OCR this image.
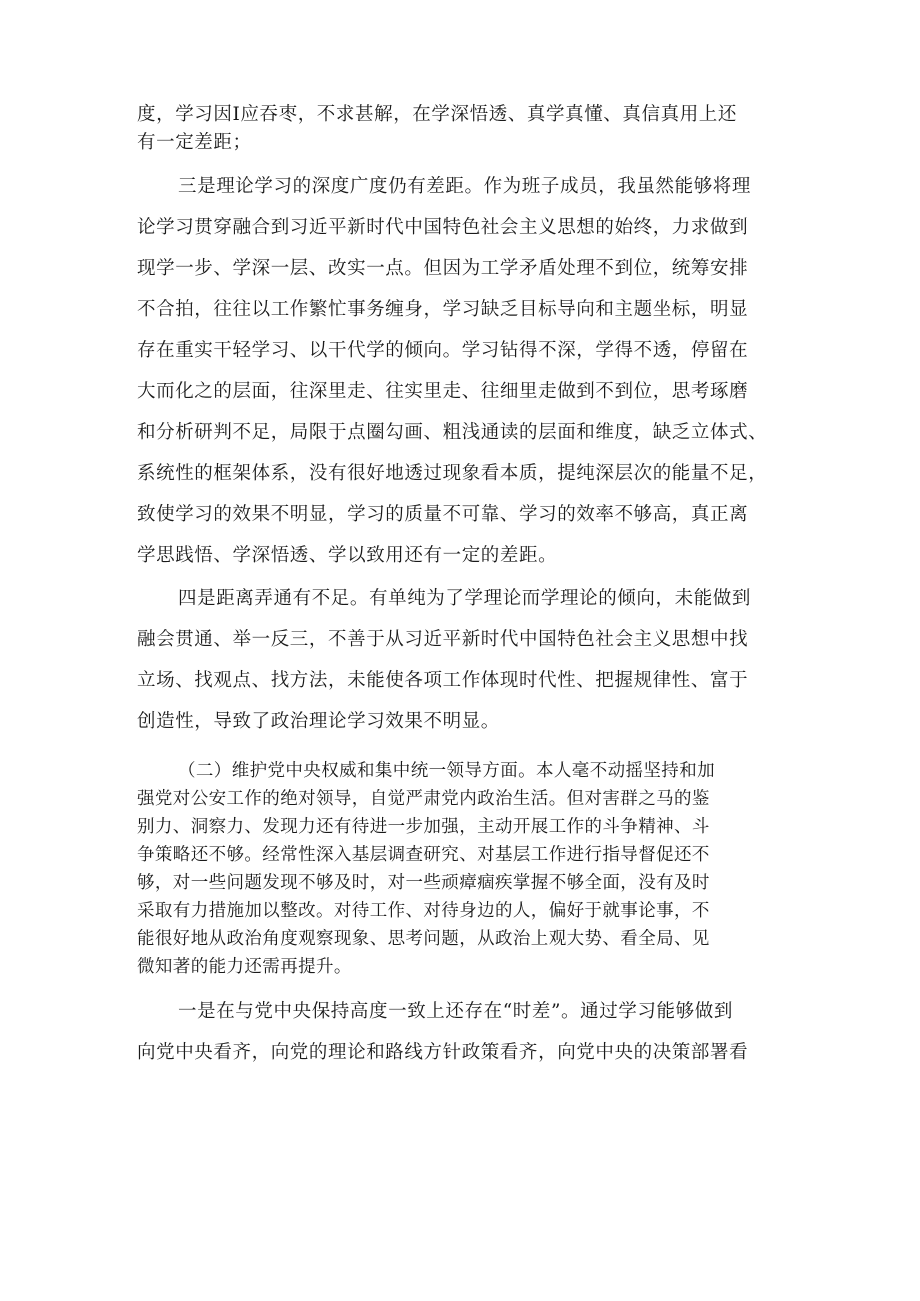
度，学习因I应吞枣，不求甚解，在学深悟透、真学真懂、真信真用上还
有一定差距；
三是理论学习的深度广度仍有差距。作为班子成员，我虽然能够将理
论学习贯穿融合到习近平新时代中国特色社会主义思想的始终，力求做到
现学一步、学深一层、改实一点。但因为工学矛盾处理不到位，统筹安排
不合拍，往往以工作繁忙事务缠身，学习缺乏目标导向和主题坐标，明显
存在重实干轻学习、以干代学的倾向。学习钻得不深，学得不透，停留在
大而化之的层面，往深里走、往实里走、往细里走做到不到位，思考琢磨
和分析研判不足，局限于点圈勾画、粗浅通读的层面和维度，缺乏立体式、
系统性的框架体系，没有很好地透过现象看本质，提纯深层次的能量不足，
致使学习的效果不明显，学习的质量不可靠、学习的效率不够高，真正离
学思践悟、学深悟透、学以致用还有一定的差距。
四是距离弄通有不足。有单纯为了学理论而学理论的倾向，未能做到
融会贯通、举一反三，不善于从习近平新时代中国特色社会主义思想中找
立场、找观点、找方法，未能使各项工作体现时代性、把握规律性、富于
创造性，导致了政治理论学习效果不明显。
（二）维护党中央权威和集中统一领导方面。本人毫不动摇坚持和加
强党对公安工作的绝对领导，自觉严肃党内政治生活。但对害群之马的鉴
别力、洞察力、发现力还有待进一步加强，主动开展工作的斗争精神、斗
争策略还不够。经常性深入基层调查研究、对基层工作进行指导督促还不
够，对一些问题发现不够及时，对一些顽瘴痼疾掌握不够全面，没有及时
采取有力措施加以整改。对待工作、对待身边的人，偏好于就事论事，不
能很好地从政治角度观察现象、思考问题，从政治上观大势、看全局、见
微知著的能力还需再提升。
一是在与党中央保持高度一致上还存在“时差”。通过学习能够做到
向党中央看齐，向党的理论和路线方针政策看齐，向党中央的决策部署看
